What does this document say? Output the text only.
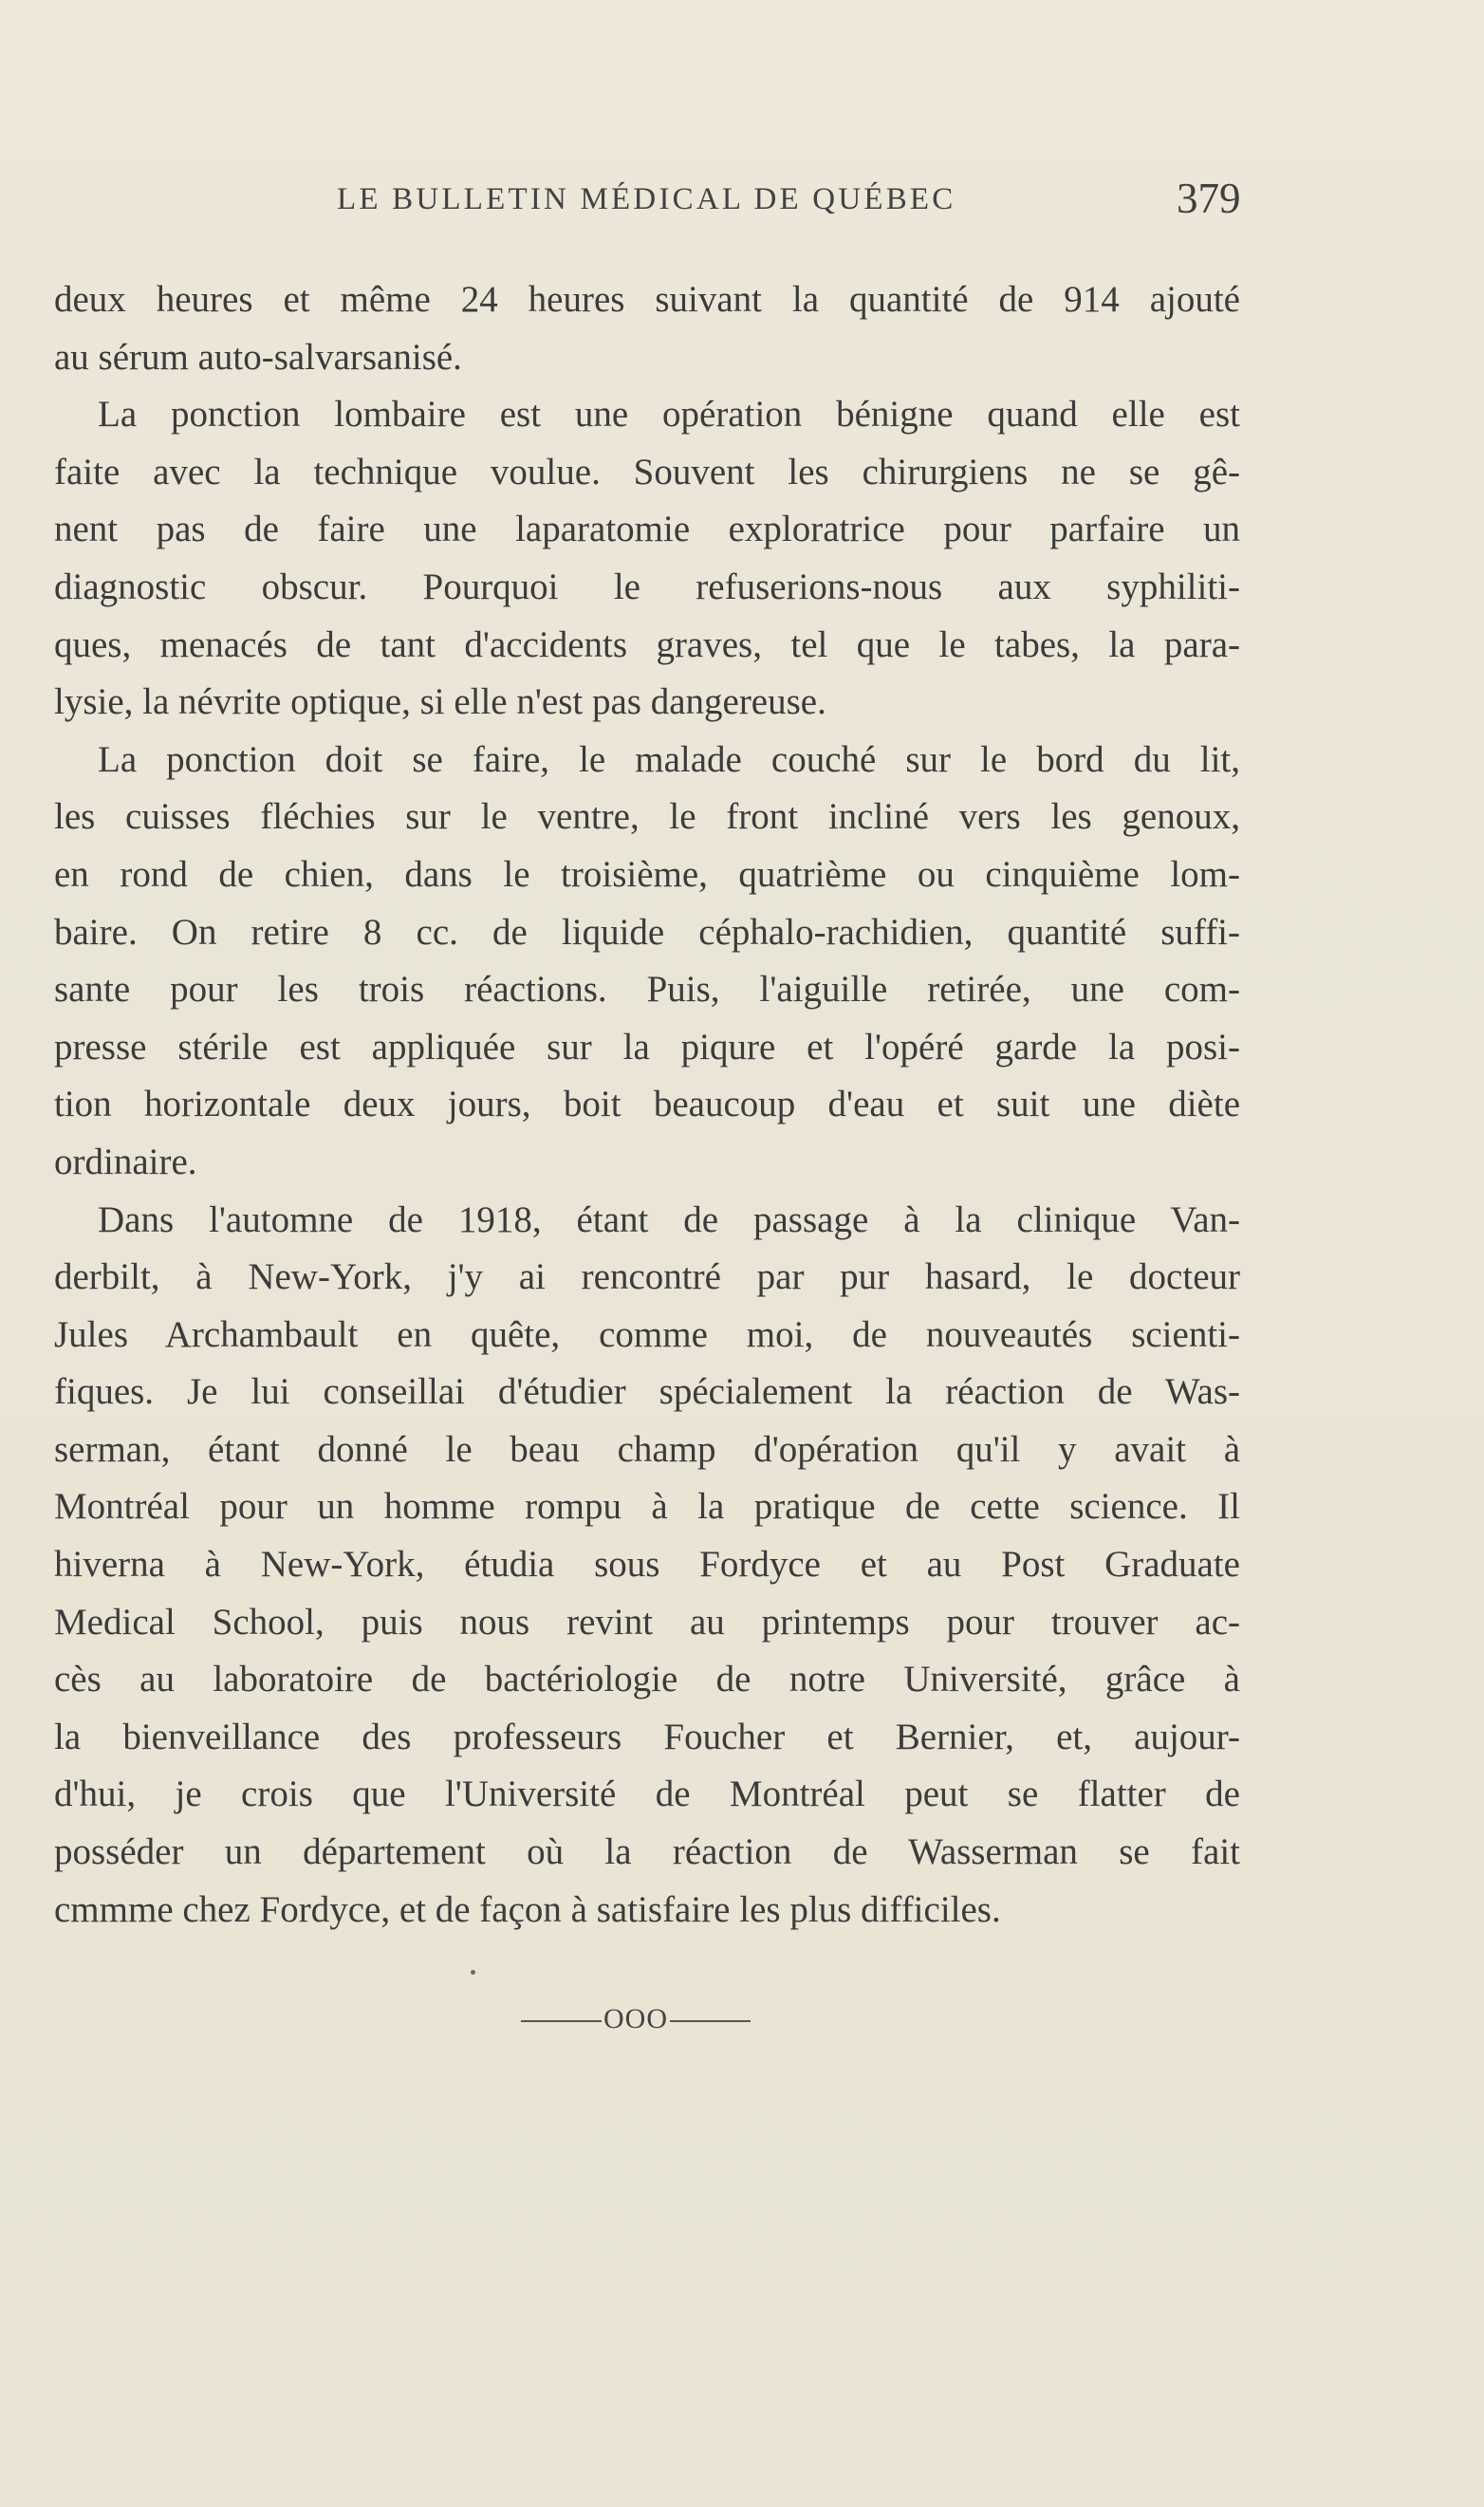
LE BULLETIN MÉDICAL DE QUÉBEC	379
deux heures et même 24 heures suivant la quantité de 914 ajouté
au sérum auto-salvarsanisé.
La ponction lombaire est une opération bénigne quand elle est
faite avec la technique voulue. Souvent les chirurgiens ne se gê-
nent pas de faire une laparatomie exploratrice pour parfaire un
diagnostic obscur. Pourquoi le refuserions-nous aux syphiliti-
ques, menacés de tant d'accidents graves, tel que le tabes, la para-
lysie, la névrite optique, si elle n'est pas dangereuse.
La ponction doit se faire, le malade couché sur le bord du lit,
les cuisses fléchies sur le ventre, le front incliné vers les genoux,
en rond de chien, dans le troisième, quatrième ou cinquième lom-
baire. On retire 8 cc. de liquide céphalo-rachidien, quantité suffi-
sante pour les trois réactions. Puis, l'aiguille retirée, une com-
presse stérile est appliquée sur la piqure et l'opéré garde la posi-
tion horizontale deux jours, boit beaucoup d'eau et suit une diète
ordinaire.
Dans l'automne de 1918, étant de passage à la clinique Van-
derbilt, à New-York, j'y ai rencontré par pur hasard, le docteur
Jules Archambault en quête, comme moi, de nouveautés scienti-
fiques. Je lui conseillai d'étudier spécialement la réaction de Was-
serman, étant donné le beau champ d'opération qu'il y avait à
Montréal pour un homme rompu à la pratique de cette science. Il
hiverna à New-York, étudia sous Fordyce et au Post Graduate
Medical School, puis nous revint au printemps pour trouver ac-
cès au laboratoire de bactériologie de notre Université, grâce à
la bienveillance des professeurs Foucher et Bernier, et, aujour-
d'hui, je crois que l'Université de Montréal peut se flatter de
posséder un département où la réaction de Wasserman se fait
cmmme chez Fordyce, et de façon à satisfaire les plus difficiles.
OOO
